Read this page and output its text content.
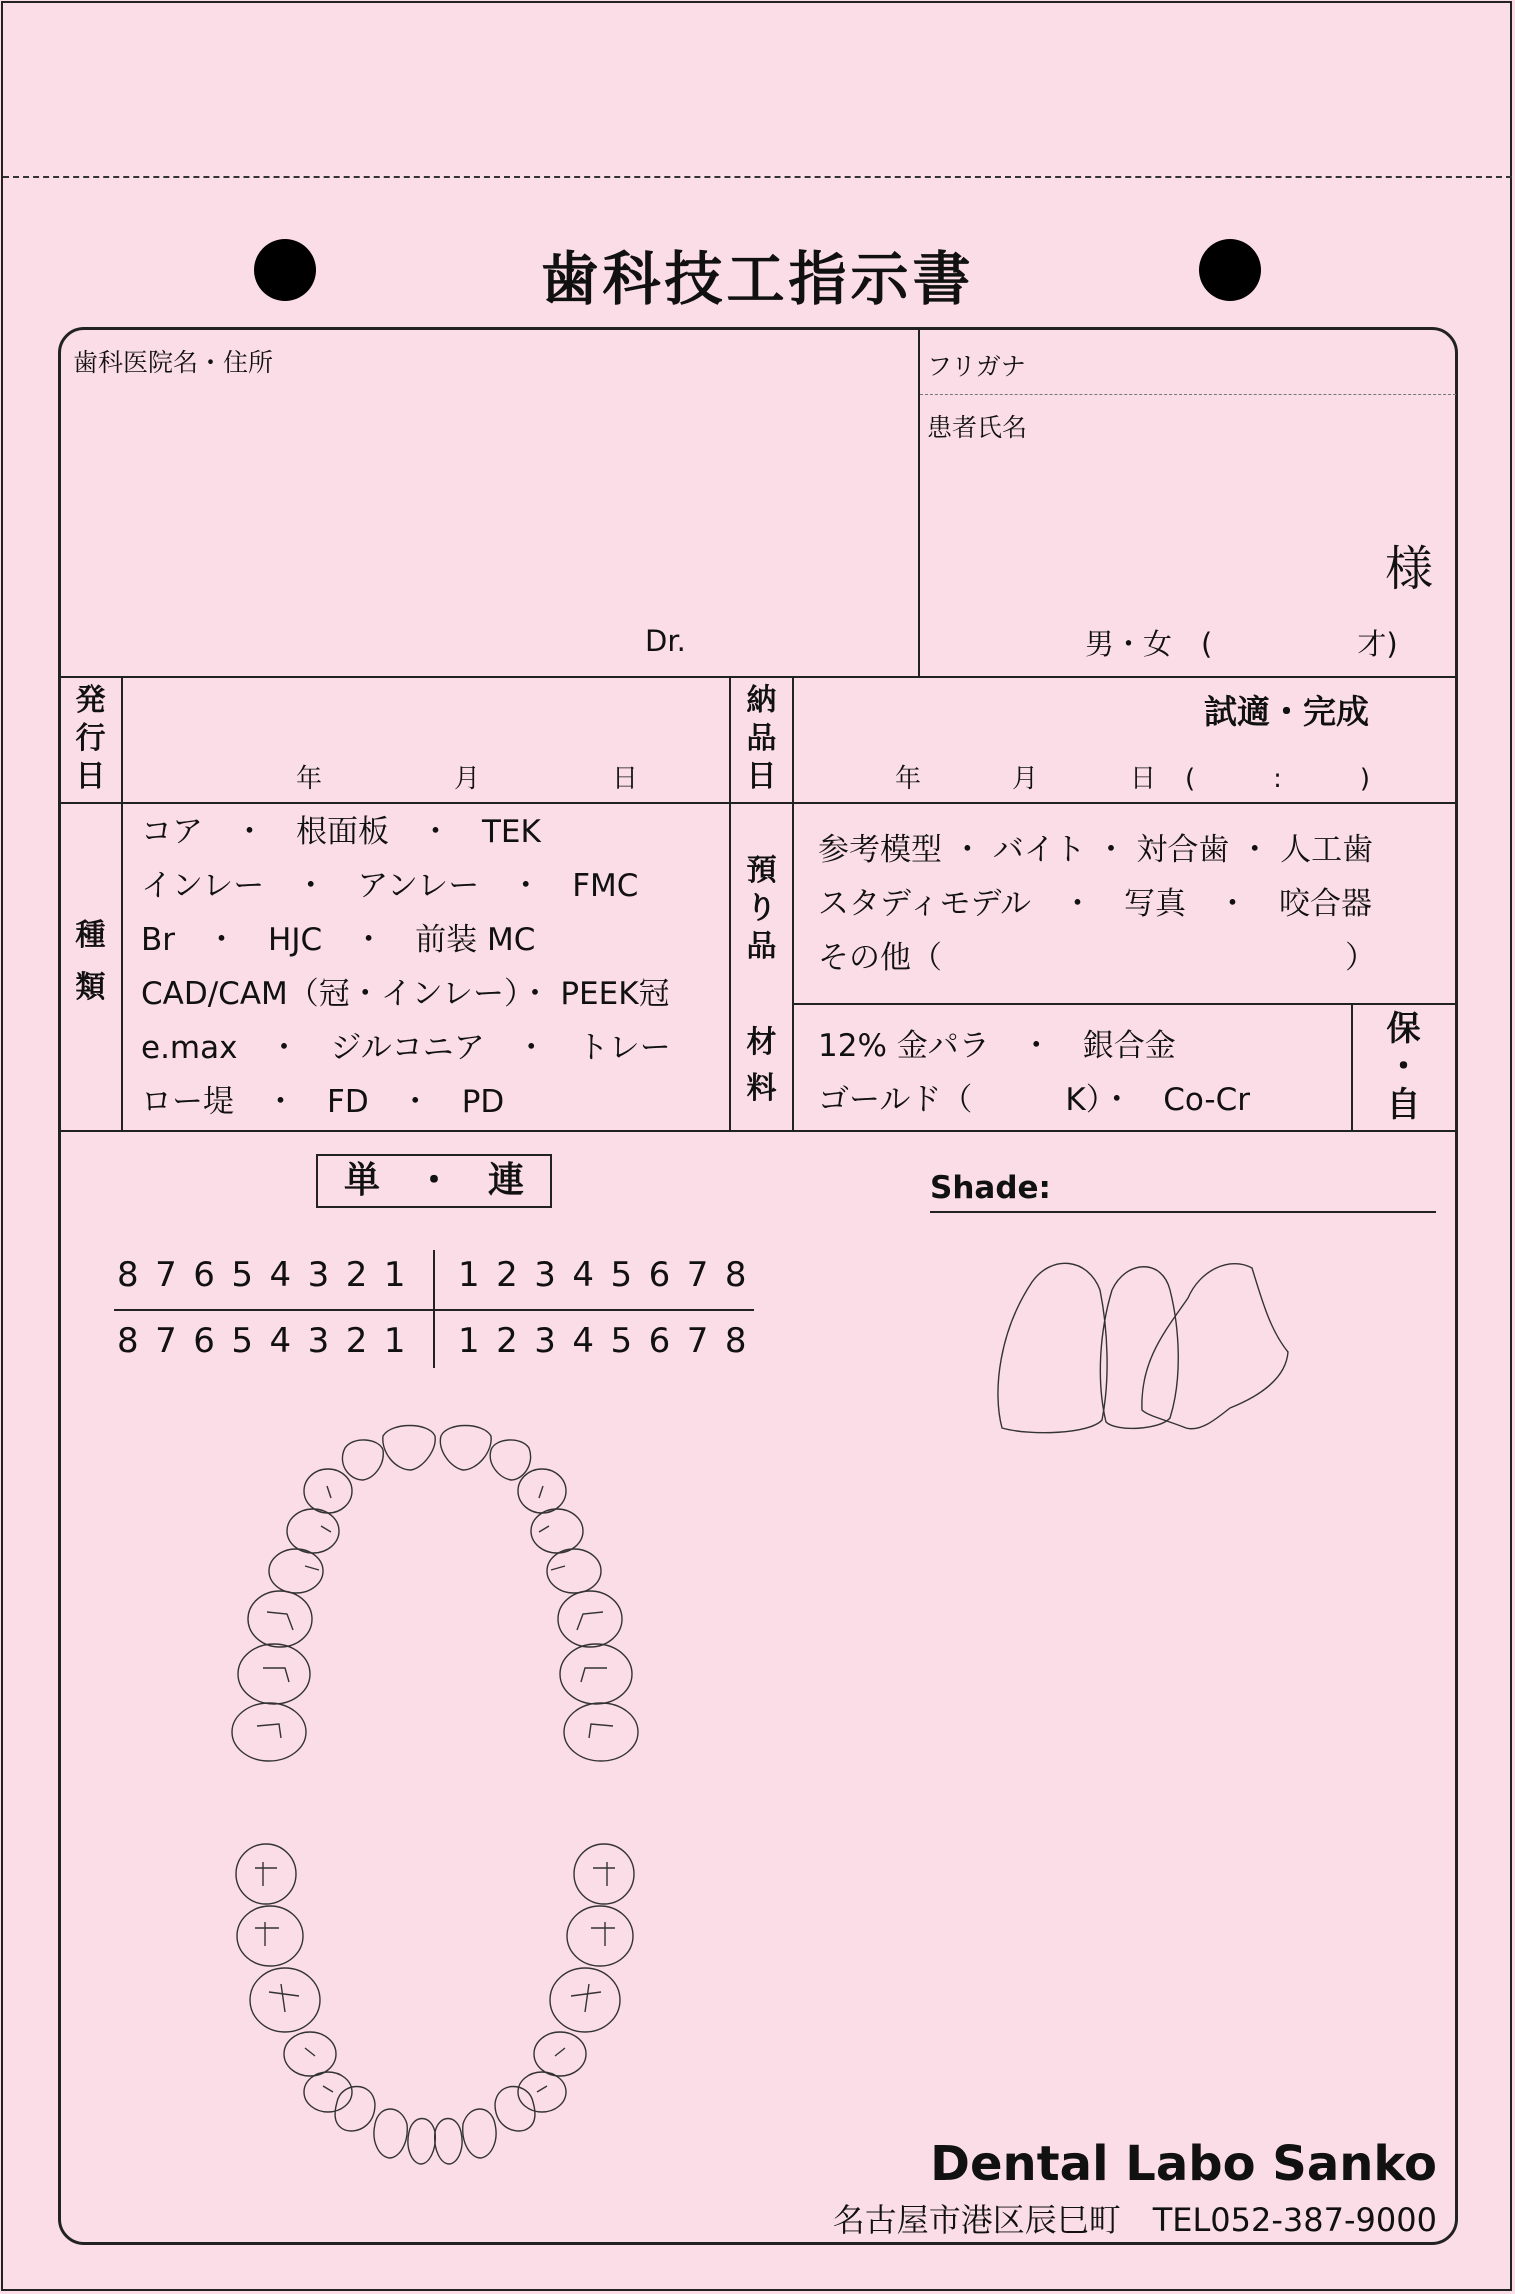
歯科技工指示書
歯科医院名・住所
Dr.
フリガナ
患者氏名
様
男・女　(　　　　　才)
発行日	年	月	日
納品日
試適・完成
年	月	日 (　　　:　　　)
種類
コア　・　根面板　・　TEK
インレー　・　アンレー　・　FMC
Br　・　HJC　・　前装 MC
CAD/CAM（冠・インレー）・ PEEK冠
e.max　・　ジルコニア　・　トレー
ロー堤　・　FD　・　PD
預り品
参考模型 ・ バイト ・ 対合歯 ・ 人工歯
スタディモデル　・　写真　・　咬合器
その他（　　　　　　　　　　　　　）
材料
12% 金パラ　・　銀合金
ゴールド（　　　K）・　Co-Cr
保
・
自
単　・　連	Shade:
87654321 12345678
87654321 12345678
Dental Labo Sanko
名古屋市港区辰巳町　TEL052-387-9000
